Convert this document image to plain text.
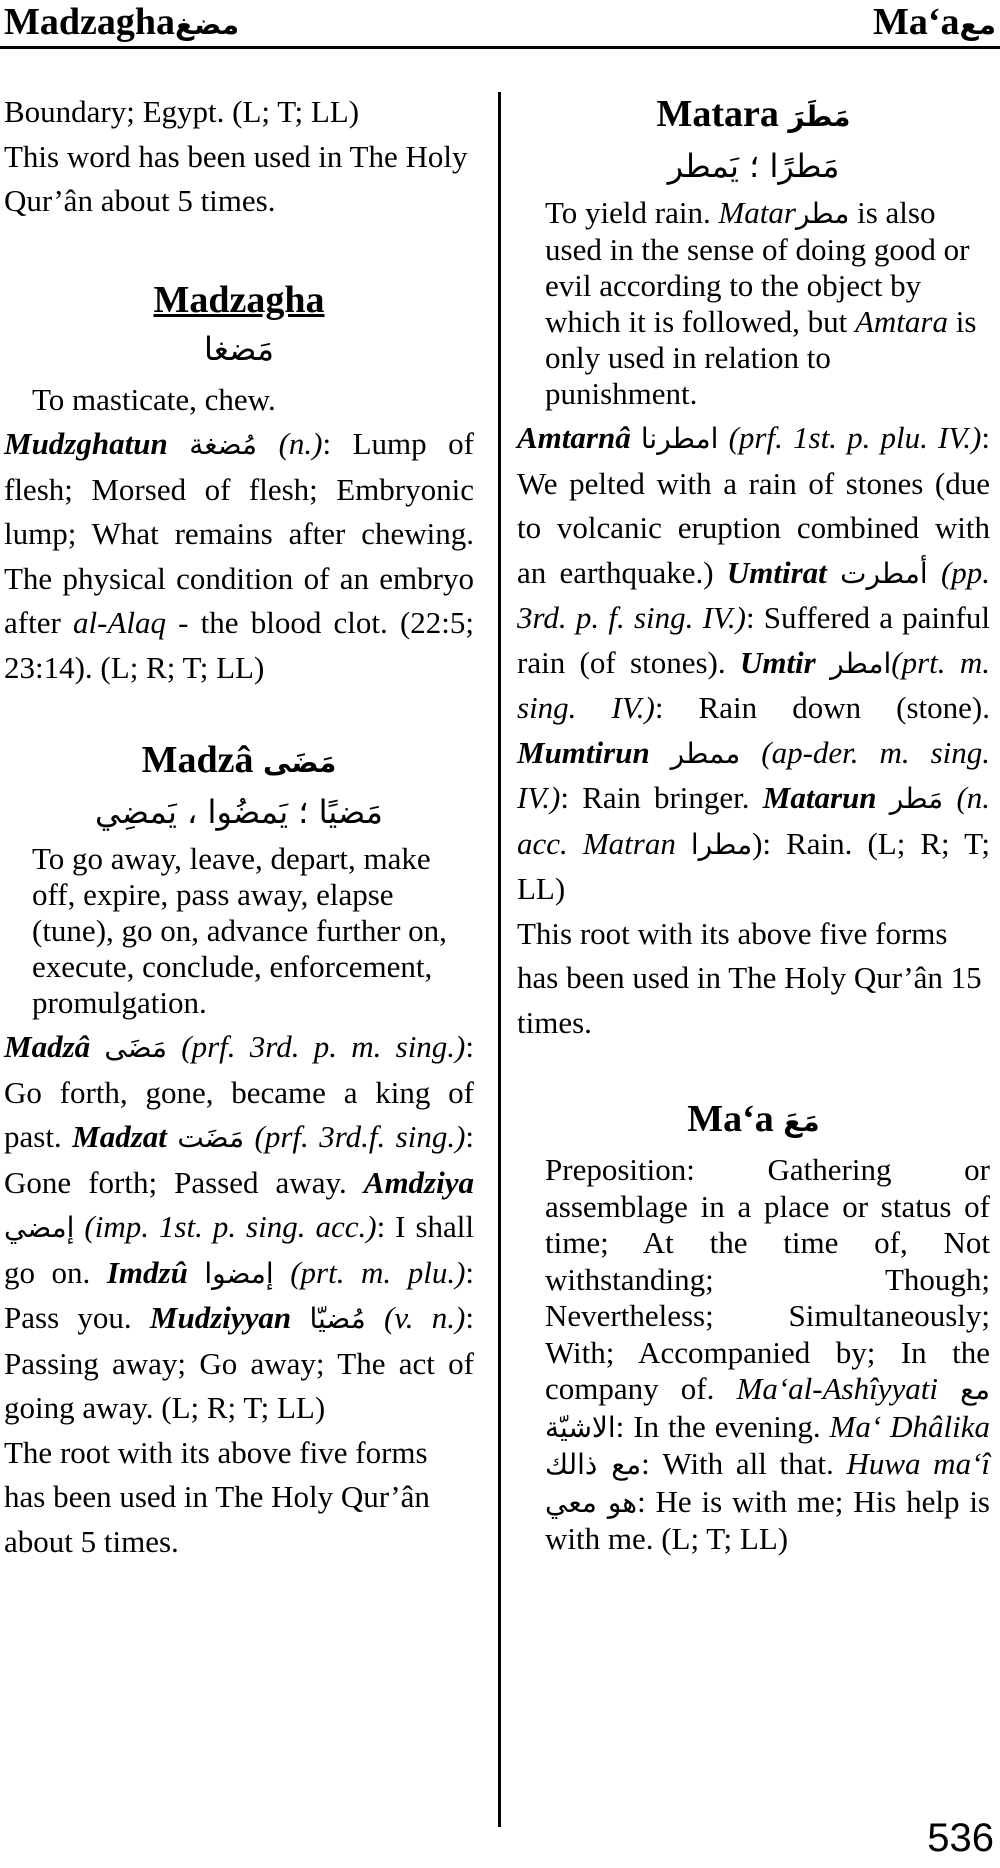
Madzaghaمضغ	Ma‘aمع

Boundary; Egypt. (L; T; LL)

This word has been used in The Holy Qur’ân about 5 times.

Madzagha

مَضغا

To masticate, chew.

Mudzghatun مُضغة (n.): Lump of flesh; Morsed of flesh; Embryonic lump; What remains after chewing. The physical condition of an embryo after al-Alaq - the blood clot. (22:5; 23:14). (L; R; T; LL)

Madzâ مَضَى

مَضيًا ؛ يَمضُوا ، يَمضِي

To go away, leave, depart, make off, expire, pass away, elapse (tune), go on, advance further on, execute, conclude, enforcement, promulgation.

Madzâ مَضَى (prf. 3rd. p. m. sing.): Go forth, gone, became a king of past. Madzat مَضَت (prf. 3rd.f. sing.): Gone forth; Passed away. Amdziya إمضي (imp. 1st. p. sing. acc.): I shall go on. Imdzû إمضوا (prt. m. plu.): Pass you. Mudziyyan مُضيّا (v. n.): Passing away; Go away; The act of going away. (L; R; T; LL)

The root with its above five forms has been used in The Holy Qur’ân about 5 times.

Matara مَطَرَ

مَطرًا ؛ يَمطر

To yield rain. Matarمطر is also used in the sense of doing good or evil according to the object by which it is followed, but Amtara is only used in relation to punishment.

Amtarnâ امطرنا (prf. 1st. p. plu. IV.): We pelted with a rain of stones (due to volcanic eruption combined with an earthquake.) Umtirat أمطرت (pp. 3rd. p. f. sing. IV.): Suffered a painful rain (of stones). Umtir امطر(prt. m. sing. IV.): Rain down (stone). Mumtirun ممطر (ap-der. m. sing. IV.): Rain bringer. Matarun مَطر (n. acc. Matran مطرا): Rain. (L; R; T; LL)

This root with its above five forms has been used in The Holy Qur’ân 15 times.

Ma‘a مَعَ

Preposition: Gathering or assemblage in a place or status of time; At the time of, Not withstanding; Though; Nevertheless; Simultaneously; With; Accompanied by; In the company of. Ma‘al-Ashîyyati مع الاشيّة: In the evening. Ma‘ Dhâlika مع ذالك: With all that. Huwa ma‘î هو معي: He is with me; His help is with me. (L; T; LL)

536
